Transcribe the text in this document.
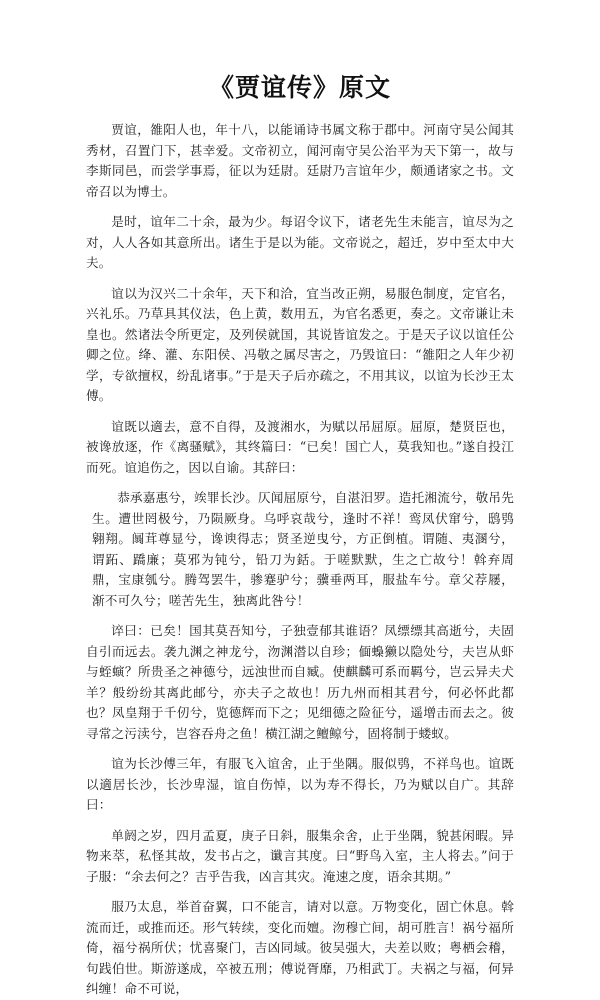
《贾谊传》原文

贾谊，雒阳人也，年十八，以能诵诗书属文称于郡中。河南守吴公闻其秀材，召置门下，甚幸爱。文帝初立，闻河南守吴公治平为天下第一，故与李斯同邑，而尝学事焉，征以为廷尉。廷尉乃言谊年少，颇通诸家之书。文帝召以为博士。

是时，谊年二十余，最为少。每诏令议下，诸老先生未能言，谊尽为之对，人人各如其意所出。诸生于是以为能。文帝说之，超迁，岁中至太中大夫。

谊以为汉兴二十余年，天下和洽，宜当改正朔，易服色制度，定官名，兴礼乐。乃草具其仪法，色上黄，数用五，为官名悉更，奏之。文帝谦让未皇也。然诸法令所更定，及列侯就国，其说皆谊发之。于是天子议以谊任公卿之位。绛、灌、东阳侯、冯敬之属尽害之，乃毁谊曰：“雒阳之人年少初学，专欲擅权，纷乱诸事。”于是天子后亦疏之，不用其议，以谊为长沙王太傅。

谊既以適去，意不自得，及渡湘水，为赋以吊屈原。屈原，楚贤臣也，被谗放逐，作《离骚赋》，其终篇曰：“已矣！国亡人，莫我知也。”遂自投江而死。谊追伤之，因以自谕。其辞曰：

恭承嘉惠兮，竢罪长沙。仄闻屈原兮，自湛汨罗。造托湘流兮，敬吊先生。遭世罔极兮，乃陨厥身。乌呼哀哉兮，逢时不祥！鸾凤伏窜兮，鸱鸮翱翔。阘茸尊显兮，谗谀得志；贤圣逆曳兮，方正倒植。谓随、夷溷兮，谓跖、蹻廉；莫邪为钝兮，铅刀为銛。于嗟默默，生之亡故兮！斡弃周鼎，宝康瓠兮。腾驾罢牛，骖蹇驴兮；骥垂两耳，服盐车兮。章父荐屦，渐不可久兮；嗟苦先生，独离此咎兮！

谇曰：已矣！国其莫吾知兮，子独壹郁其谁语？凤缥缥其高逝兮，夫固自引而远去。袭九渊之神龙兮，沕渊潜以自珍；偭蟂獭以隐处兮，夫岂从虾与蛭螾？所贵圣之神德兮，远浊世而自臧。使麒麟可系而羁兮，岂云异夫犬羊？般纷纷其离此邮兮，亦夫子之故也！历九州而相其君兮，何必怀此都也？凤皇翔于千仞兮，览德辉而下之；见细德之险征兮，遥增击而去之。彼寻常之污渎兮，岂容吞舟之鱼！横江湖之鳣鲸兮，固将制于蝼蚁。

谊为长沙傅三年，有服飞入谊舍，止于坐隅。服似鸮，不祥鸟也。谊既以適居长沙，长沙卑湿，谊自伤悼，以为寿不得长，乃为赋以自广。其辞曰：

单阏之岁，四月孟夏，庚子日斜，服集余舍，止于坐隅，貌甚闲暇。异物来萃，私怪其故，发书占之，谶言其度。曰“野鸟入室，主人将去。”问于子服：“余去何之？吉乎告我，凶言其灾。淹速之度，语余其期。”

服乃太息，举首奋翼，口不能言，请对以意。万物变化，固亡休息。斡流而迁，或推而还。形气转续，变化而嬗。沕穆亡间，胡可胜言！祸兮福所倚，福兮祸所伏；忧喜聚门，吉凶同域。彼吴强大，夫差以败；粤栖会稽，句践伯世。斯游遂成，卒被五刑；傅说胥靡，乃相武丁。夫祸之与福，何异纠缠！命不可说，
